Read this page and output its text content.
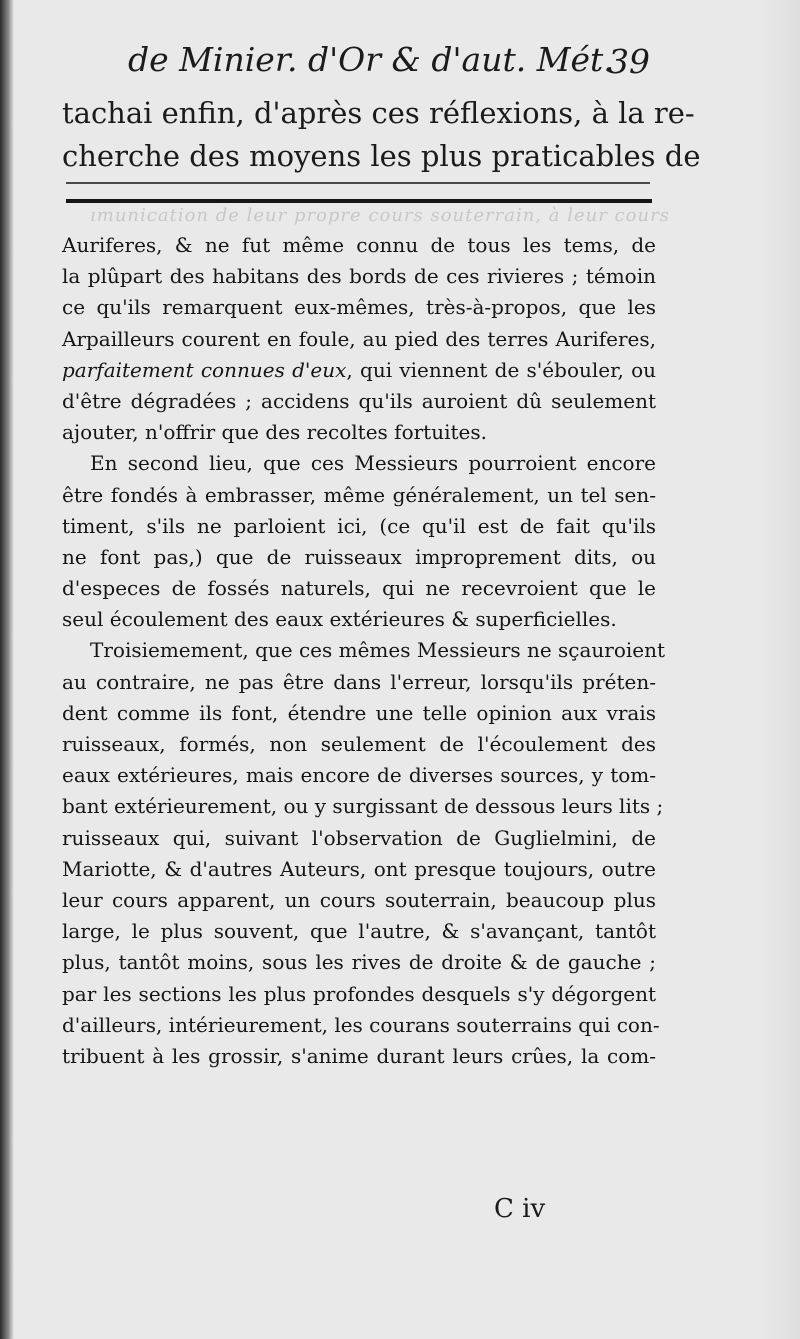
de Minier. d'Or & d'aut. Mét.
39
tachai enfin, d'après ces réflexions, à la re-
cherche des moyens les plus praticables de
ımunication de leur propre cours souterrain, à leur cours
Auriferes, & ne fut même connu de tous les tems, de
la plûpart des habitans des bords de ces rivieres ; témoin
ce qu'ils remarquent eux-mêmes, très-à-propos, que les
Arpailleurs courent en foule, au pied des terres Auriferes,
parfaitement connues d'eux, qui viennent de s'ébouler, ou
d'être dégradées ; accidens qu'ils auroient dû seulement
ajouter, n'offrir que des recoltes fortuites.
En second lieu, que ces Messieurs pourroient encore
être fondés à embrasser, même généralement, un tel sen-
timent, s'ils ne parloient ici, (ce qu'il est de fait qu'ils
ne font pas,) que de ruisseaux improprement dits, ou
d'especes de fossés naturels, qui ne recevroient que le
seul écoulement des eaux extérieures & superficielles.
Troisiemement, que ces mêmes Messieurs ne sçauroient
au contraire, ne pas être dans l'erreur, lorsqu'ils préten-
dent comme ils font, étendre une telle opinion aux vrais
ruisseaux, formés, non seulement de l'écoulement des
eaux extérieures, mais encore de diverses sources, y tom-
bant extérieurement, ou y surgissant de dessous leurs lits ;
ruisseaux qui, suivant l'observation de Guglielmini, de
Mariotte, & d'autres Auteurs, ont presque toujours, outre
leur cours apparent, un cours souterrain, beaucoup plus
large, le plus souvent, que l'autre, & s'avançant, tantôt
plus, tantôt moins, sous les rives de droite & de gauche ;
par les sections les plus profondes desquels s'y dégorgent
d'ailleurs, intérieurement, les courans souterrains qui con-
tribuent à les grossir, s'anime durant leurs crûes, la com-
C iv
